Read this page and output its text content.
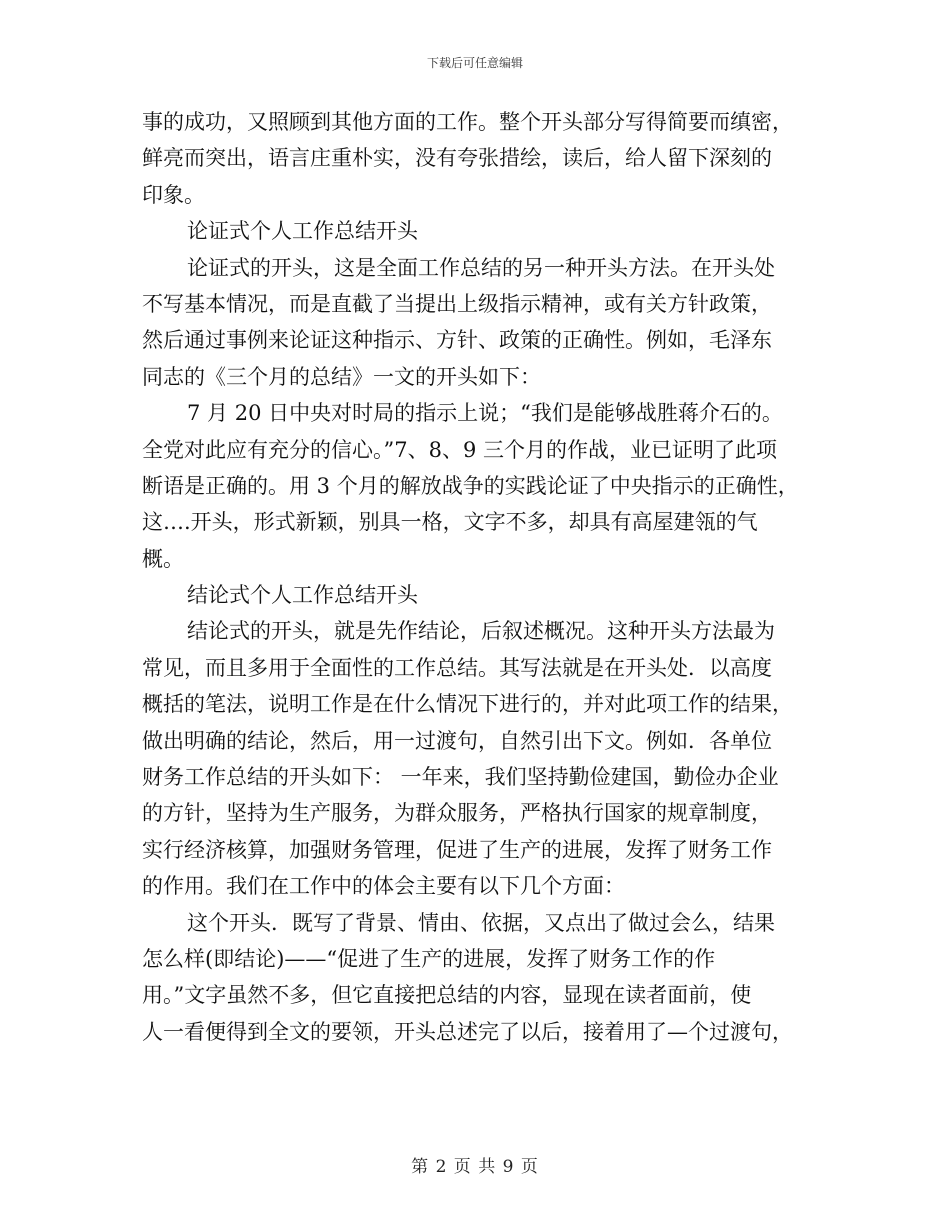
下载后可任意编辑
事的成功，又照顾到其他方面的工作。整个开头部分写得简要而缜密，
鲜亮而突出，语言庄重朴实，没有夸张措绘，读后，给人留下深刻的
印象。
论证式个人工作总结开头
论证式的开头，这是全面工作总结的另一种开头方法。在开头处
不写基本情况，而是直截了当提出上级指示精神，或有关方针政策，
然后通过事例来论证这种指示、方针、政策的正确性。例如，毛泽东
同志的《三个月的总结》一文的开头如下：
7 月 20 日中央对时局的指示上说；“我们是能够战胜蒋介石的。
全党对此应有充分的信心。”7、8、9 三个月的作战，业已证明了此项
断语是正确的。用 3 个月的解放战争的实践论证了中央指示的正确性，
这….开头，形式新颖，别具一格，文字不多，却具有高屋建瓴的气
概。
结论式个人工作总结开头
结论式的开头，就是先作结论，后叙述概况。这种开头方法最为
常见，而且多用于全面性的工作总结。其写法就是在开头处．以高度
概括的笔法，说明工作是在什么情况下进行的，并对此项工作的结果，
做出明确的结论，然后，用一过渡句，自然引出下文。例如．各单位
财务工作总结的开头如下： 一年来，我们坚持勤俭建国，勤俭办企业
的方针，坚持为生产服务，为群众服务，严格执行国家的规章制度，
实行经济核算，加强财务管理，促进了生产的进展，发挥了财务工作
的作用。我们在工作中的体会主要有以下几个方面：
这个开头．既写了背景、情由、依据，又点出了做过会么，结果
怎么样(即结论)——“促进了生产的进展，发挥了财务工作的作
用。”文字虽然不多，但它直接把总结的内容，显现在读者面前，使
人一看便得到全文的要领，开头总述完了以后，接着用了—个过渡句，
第 2 页 共 9 页
